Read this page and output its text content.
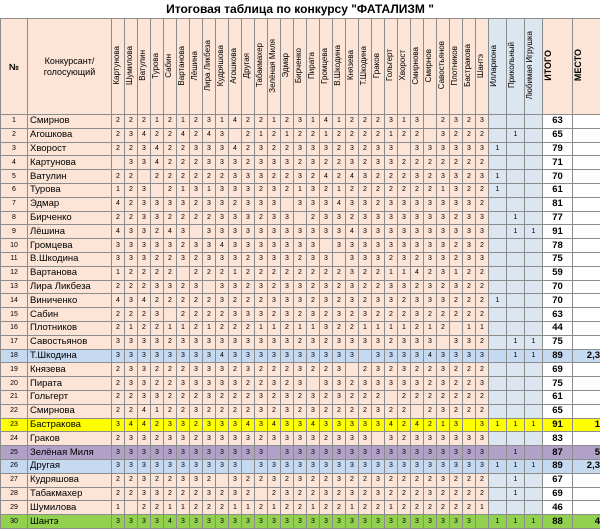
Итоговая таблица по конкурсу "ФАТАЛИЗМ "
№	Конкурсант/ голосующий	Картунова	Шумилова	Ватулин	Турова	Сабин	Вартанова	Лёшина	Лира Ликбеза	Кудряшова	Агошкова	Другая	Табакмахер	Зелёная Миля	Эдмар	Бирченко	Пирата	Громцева	В.Шкодина	Князева	Т.Шкодина	Граков	Гольгерт	Хворост	Смирнова	Смирнов	Савостьянов	Плотников	Бастракова	Шантэ	Иллариона	Прикольный	Любимая Игрушка	ИТОГО	МЕСТО
1	Смирнов	2	2	2	1	2	1	2	3	1	4	2	2	1	2	3	1	4	1	2	2	2	3	1	3		2	3	2	3				63	
2	Агошкова	2	3	4	2	2	4	2	4	3		2	1	2	1	2	2	1	2	2	2	2	1	2	2		3	2	2	2		1		65	
3	Хворост	2	2	3	4	2	2	3	3	3	4	2	3	2	2	3	3	3	2	3	2	3	3		3	3	3	3	3	3	1			79	
4	Картунова		3	3	4	2	2	2	3	3	3	2	3	3	3	2	3	2	2	3	2	3	3	2	2	2	2	2	2	2				71	
5	Ватулин	2	2		2	2	2	2	2	2	3	3	3	2	2	3	2	4	2	4	3	2	2	2	3	2	3	3	2	3	1			70	
6	Турова	1	2	3		2	1	3	1	3	3	3	2	3	2	1	3	2	1	2	2	2	2	2	2	2	1	3	2	2	1			61	
7	Эдмар	4	2	3	3	3	3	2	3	3	2	3	3	3		3	3	3	4	3	3	2	3	3	3	3	3	3	3	2				81	
8	Бирченко	2	2	3	3	2	2	2	2	3	3	3	2	3	3		2	3	3	2	3	3	3	3	3	3	3	2	3	3		1		77	
9	Лёшина	4	3	3	2	4	3		3	3	3	3	3	3	3	3	3	3	3	4	3	3	3	3	3	3	3	3	3	3		1	1	91	
10	Громцева	3	3	3	3	3	2	3	3	4	3	3	3	3	3	3	3		3	3	3	3	3	3	3	3	3	2	3	2				78	
11	В.Шкодина	3	3	3	2	2	3	2	3	3	3	2	3	3	3	2	3	3		3	3	3	2	3	2	3	3	2	3	3				75	
12	Вартанова	1	2	2	2	2		2	2	2	1	2	2	2	2	2	2	2	2	3	2	2	1	1	4	2	3	1	2	2				59	
13	Лира Ликбеза	2	2	2	3	3	2	3		3	3	2	3	2	3	3	2	3	2	3	2	2	3	3	2	3	2	3	2	2				70	
14	Виниченко	4	3	4	2	2	2	2	2	3	2	2	2	3	3	3	2	3	2	3	2	3	3	2	3	3	3	2	2	2	1			70	
15	Сабин	2	2	2	3		2	2	2	2	3	3	3	2	3	2	3	2	3	2	3	2	2	2	3	2	2	2	2	2				63	
16	Плотников	2	1	2	2	1	1	2	1	2	2	2	1	1	2	1	1	3	2	2	1	1	1	1	2	1	2		1	1				44	
17	Савостьянов	3	3	3	3	2	3	3	3	3	3	3	3	3	3	2	3	2	3	3	3	3	2	3	3	3		3	3	2		1	1	75	
18	Т.Шкодина	3	3	3	3	3	3	3	3	4	3	3	3	3	3	3	3	3	3	3		3	3	3	3	4	3	3	3	3		1	1	89	2,3
19	Князева	2	3	3	2	2	2	3	3	3	2	3	2	2	2	3	2	2	3		2	3	2	3	2	2	3	2	2	2				69	
20	Пирата	2	3	3	2	2	3	3	3	3	3	2	2	3	2	3		3	3	2	3	3	3	3	3	2	3	2	2	3				75	
21	Гольгерт	2	2	3	3	2	2	2	3	2	2	2	3	2	3	2	3	2	3	2	2	2		2	2	2	2	2	2	2				61	
22	Смирнова	2	2	4	1	2	2	3	2	2	2	2	3	2	3	2	3	2	2	2	2	3	2	2		2	3	2	2	2				65	
23	Бастракова	3	4	4	2	3	3	2	3	3	3	4	3	4	3	3	4	3	3	3	3	3	4	2	4	2	1	3		3	1	1	1	91	1
24	Граков	2	3	3	2	3	3	2	3	3	3	3	2	3	3	3	3	2	3	3	3		3	2	3	3	3	3	3	3				83	
25	Зелёная Миля	3	3	3	3	3	3	3	3	3	3	3	3		3	3	3	3	3	3	3	3	3	3	3	3	3	3	3	3		1		87	5
26	Другая	3	3	3	3	3	3	3	3	3	3		3	3	3	3	3	3	3	3	3	3	3	3	3	3	3	3	3	3	1	1	1	89	2,3
27	Кудряшова	2	2	3	2	2	3	3	2		3	2	2	3	2	3	2	2	3	2	2	3	2	2	2	2	3	2	2	2		1		67	
28	Табакмахер	2	2	3	3	2	2	2	3	2	3	2		2	3	2	2	3	2	3	2	3	2	2	2	3	2	2	2	2		1		69	
29	Шумилова	1		2	2	1	1	2	2	2	1	1	2	1	2	2	1	2	2	1	2	2	1	2	2	2	2	2	2	1				46	
30	Шантэ	3	3	3	3	4	3	3	3	3	3	3	3	3	3	3	3	3	3	3	3	3	3	3	3	3	3	3	3		1	1	1	88	4
